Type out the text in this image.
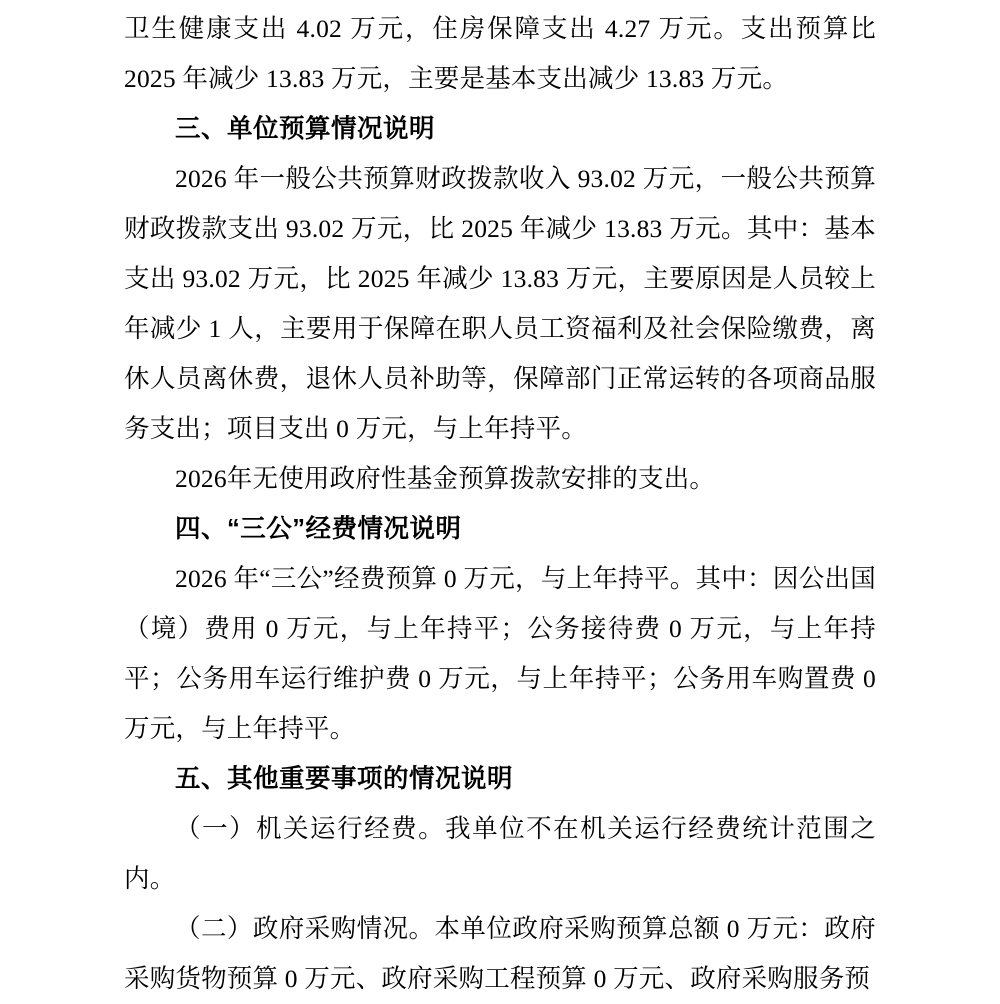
卫生健康支出 4.02 万元，住房保障支出 4.27 万元。支出预算比 2025 年减少 13.83 万元，主要是基本支出减少 13.83 万元。

三、单位预算情况说明

2026 年一般公共预算财政拨款收入 93.02 万元，一般公共预算财政拨款支出 93.02 万元，比 2025 年减少 13.83 万元。其中：基本支出 93.02 万元，比 2025 年减少 13.83 万元，主要原因是人员较上年减少 1 人，主要用于保障在职人员工资福利及社会保险缴费，离休人员离休费，退休人员补助等，保障部门正常运转的各项商品服务支出；项目支出 0 万元，与上年持平。

2026年无使用政府性基金预算拨款安排的支出。

四、“三公”经费情况说明

2026 年“三公”经费预算 0 万元，与上年持平。其中：因公出国（境）费用 0 万元，与上年持平；公务接待费 0 万元，与上年持平；公务用车运行维护费 0 万元，与上年持平；公务用车购置费 0 万元，与上年持平。

五、其他重要事项的情况说明

（一）机关运行经费。我单位不在机关运行经费统计范围之内。

（二）政府采购情况。本单位政府采购预算总额 0 万元：政府采购货物预算 0 万元、政府采购工程预算 0 万元、政府采购服务预
